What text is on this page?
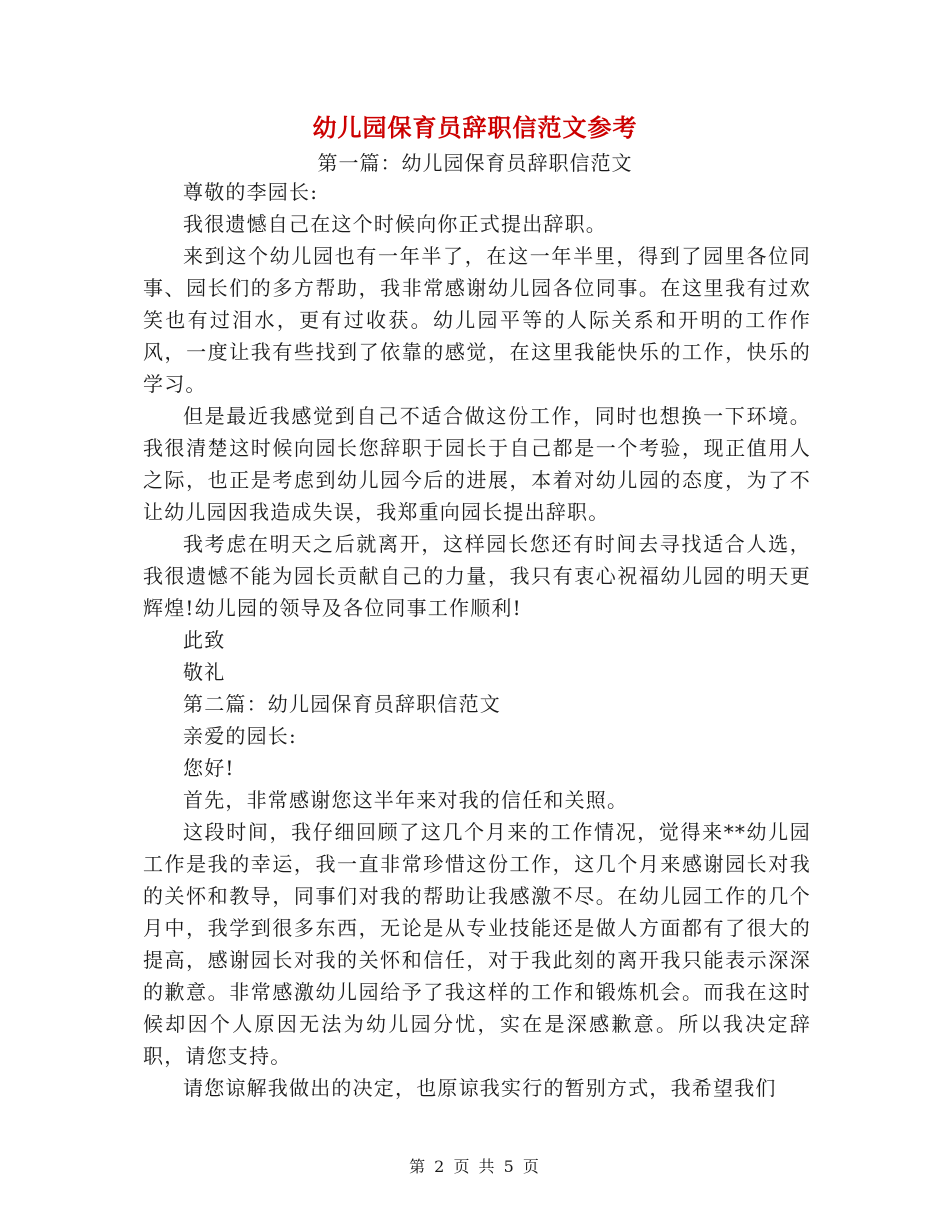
幼儿园保育员辞职信范文参考
第一篇：幼儿园保育员辞职信范文

尊敬的李园长:

我很遗憾自己在这个时候向你正式提出辞职。

来到这个幼儿园也有一年半了，在这一年半里，得到了园里各位同事、园长们的多方帮助，我非常感谢幼儿园各位同事。在这里我有过欢笑也有过泪水，更有过收获。幼儿园平等的人际关系和开明的工作作风，一度让我有些找到了依靠的感觉，在这里我能快乐的工作，快乐的学习。

但是最近我感觉到自己不适合做这份工作，同时也想换一下环境。我很清楚这时候向园长您辞职于园长于自己都是一个考验，现正值用人之际，也正是考虑到幼儿园今后的进展，本着对幼儿园的态度，为了不让幼儿园因我造成失误，我郑重向园长提出辞职。

我考虑在明天之后就离开，这样园长您还有时间去寻找适合人选，我很遗憾不能为园长贡献自己的力量，我只有衷心祝福幼儿园的明天更辉煌!幼儿园的领导及各位同事工作顺利!

此致

敬礼

第二篇：幼儿园保育员辞职信范文

亲爱的园长:

您好!

首先，非常感谢您这半年来对我的信任和关照。

这段时间，我仔细回顾了这几个月来的工作情况，觉得来**幼儿园工作是我的幸运，我一直非常珍惜这份工作，这几个月来感谢园长对我的关怀和教导，同事们对我的帮助让我感激不尽。在幼儿园工作的几个月中，我学到很多东西，无论是从专业技能还是做人方面都有了很大的提高，感谢园长对我的关怀和信任，对于我此刻的离开我只能表示深深的歉意。非常感激幼儿园给予了我这样的工作和锻炼机会。而我在这时候却因个人原因无法为幼儿园分忧，实在是深感歉意。所以我决定辞职，请您支持。

请您谅解我做出的决定，也原谅我实行的暂别方式，我希望我们

第 2 页 共 5 页
